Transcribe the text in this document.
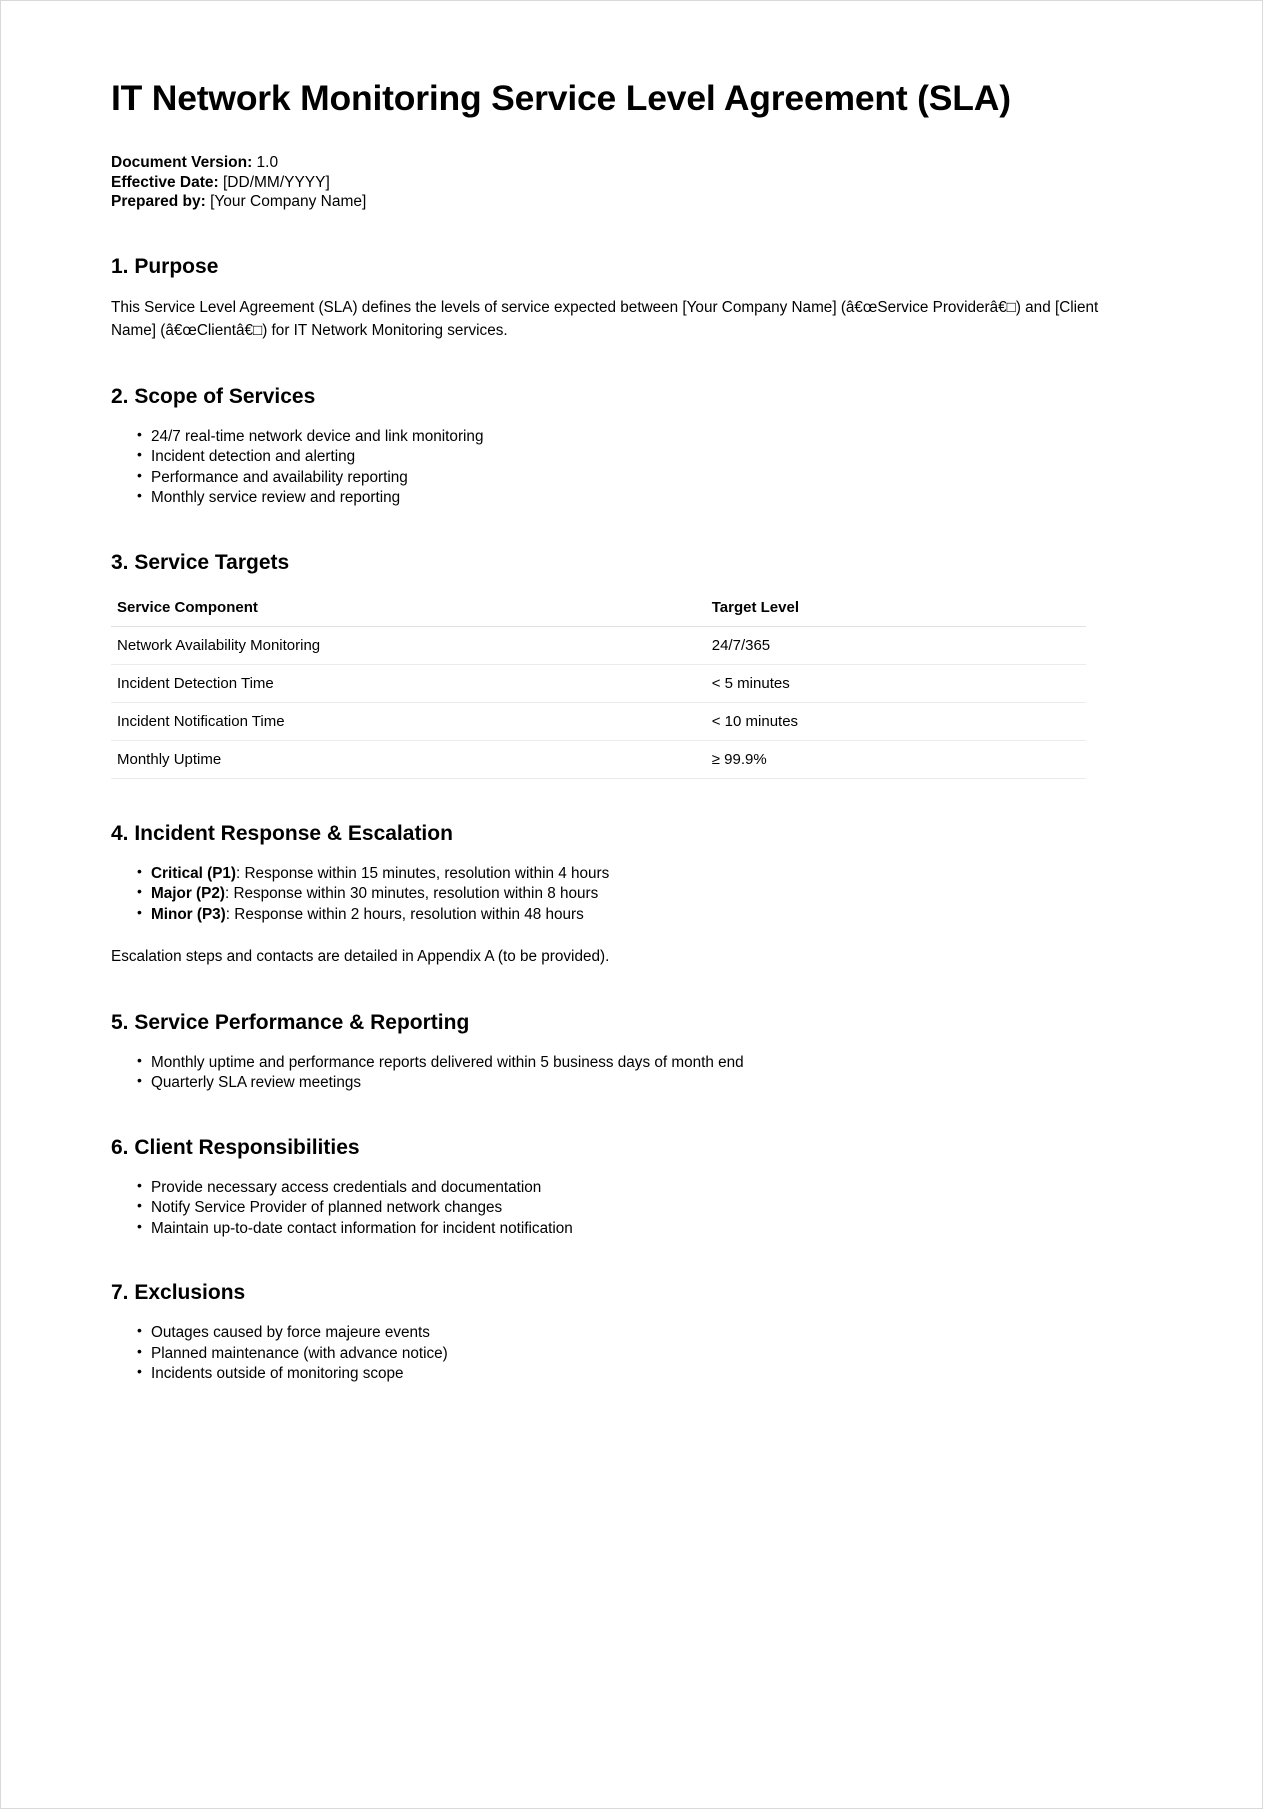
IT Network Monitoring Service Level Agreement (SLA)
Document Version: 1.0
Effective Date: [DD/MM/YYYY]
Prepared by: [Your Company Name]
1. Purpose

This Service Level Agreement (SLA) defines the levels of service expected between [Your Company Name] (â€œService Providerâ€□) and [Client Name] (â€œClientâ€□) for IT Network Monitoring services.

2. Scope of Services
• 24/7 real-time network device and link monitoring
• Incident detection and alerting
• Performance and availability reporting
• Monthly service review and reporting
3. Service Targets
Service Component	Target Level
Network Availability Monitoring	24/7/365
Incident Detection Time	< 5 minutes
Incident Notification Time	< 10 minutes
Monthly Uptime	≥ 99.9%
4. Incident Response & Escalation
• Critical (P1): Response within 15 minutes, resolution within 4 hours
• Major (P2): Response within 30 minutes, resolution within 8 hours
• Minor (P3): Response within 2 hours, resolution within 48 hours

Escalation steps and contacts are detailed in Appendix A (to be provided).

5. Service Performance & Reporting
• Monthly uptime and performance reports delivered within 5 business days of month end
• Quarterly SLA review meetings
6. Client Responsibilities
• Provide necessary access credentials and documentation
• Notify Service Provider of planned network changes
• Maintain up-to-date contact information for incident notification
7. Exclusions
• Outages caused by force majeure events
• Planned maintenance (with advance notice)
• Incidents outside of monitoring scope
